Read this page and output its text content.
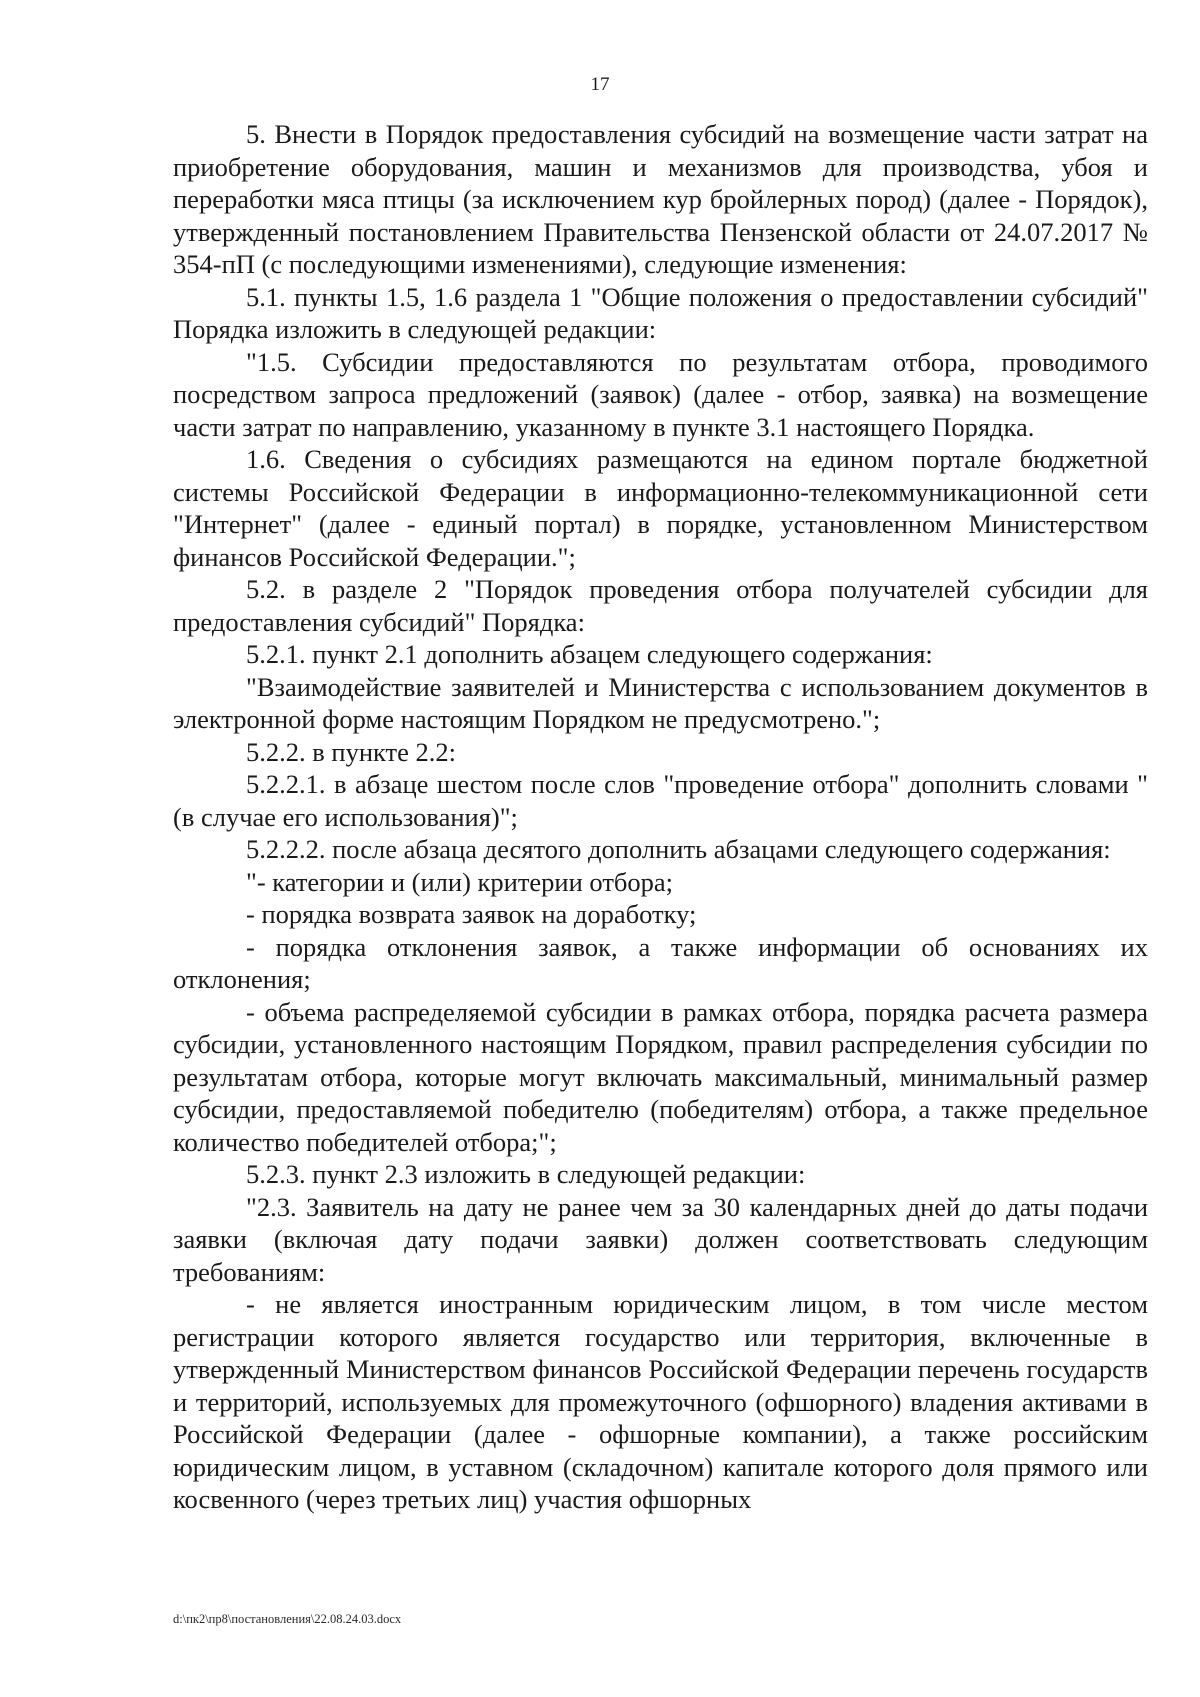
17

5. Внести в Порядок предоставления субсидий на возмещение части затрат на приобретение оборудования, машин и механизмов для производства, убоя и переработки мяса птицы (за исключением кур бройлерных пород) (далее - Порядок), утвержденный постановлением Правительства Пензенской области от 24.07.2017 № 354-пП (с последующими изменениями), следующие изменения:

5.1. пункты 1.5, 1.6 раздела 1 "Общие положения о предоставлении субсидий" Порядка изложить в следующей редакции:

"1.5. Субсидии предоставляются по результатам отбора, проводимого посредством запроса предложений (заявок) (далее - отбор, заявка) на возмещение части затрат по направлению, указанному в пункте 3.1 настоящего Порядка.

1.6. Сведения о субсидиях размещаются на едином портале бюджетной системы Российской Федерации в информационно-телекоммуникационной сети "Интернет" (далее - единый портал) в порядке, установленном Министерством финансов Российской Федерации.";

5.2. в разделе 2 "Порядок проведения отбора получателей субсидии для предоставления субсидий" Порядка:

5.2.1. пункт 2.1 дополнить абзацем следующего содержания:

"Взаимодействие заявителей и Министерства с использованием документов в электронной форме настоящим Порядком не предусмотрено.";

5.2.2. в пункте 2.2:

5.2.2.1. в абзаце шестом после слов "проведение отбора" дополнить словами "(в случае его использования)";

5.2.2.2. после абзаца десятого дополнить абзацами следующего содержания:

"- категории и (или) критерии отбора;

- порядка возврата заявок на доработку;

- порядка отклонения заявок, а также информации об основаниях их отклонения;

- объема распределяемой субсидии в рамках отбора, порядка расчета размера субсидии, установленного настоящим Порядком, правил распределения субсидии по результатам отбора, которые могут включать максимальный, минимальный размер субсидии, предоставляемой победителю (победителям) отбора, а также предельное количество победителей отбора;";

5.2.3. пункт 2.3 изложить в следующей редакции:

"2.3. Заявитель на дату не ранее чем за 30 календарных дней до даты подачи заявки (включая дату подачи заявки) должен соответствовать следующим требованиям:

- не является иностранным юридическим лицом, в том числе местом регистрации которого является государство или территория, включенные в утвержденный Министерством финансов Российской Федерации перечень государств и территорий, используемых для промежуточного (офшорного) владения активами в Российской Федерации (далее - офшорные компании), а также российским юридическим лицом, в уставном (складочном) капитале которого доля прямого или косвенного (через третьих лиц) участия офшорных

d:\пк2\пр8\постановления\22.08.24.03.docx
